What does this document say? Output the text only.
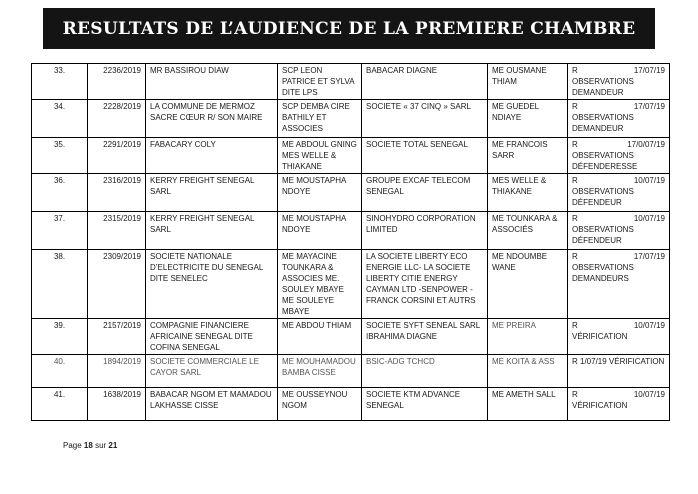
RESULTATS DE L’AUDIENCE DE LA PREMIERE CHAMBRE
33.	2236/2019	MR BASSIROU DIAW	SCP LEON PATRICE ET SYLVA DITE LPS	BABACAR DIAGNE	ME OUSMANE THIAM	R 17/07/19
OBSERVATIONS DEMANDEUR

34.	2228/2019	LA COMMUNE DE MERMOZ SACRE CŒUR R/ SON MAIRE	SCP DEMBA CIRE BATHILY ET ASSOCIES	SOCIETE « 37 CINQ » SARL	ME GUEDEL NDIAYE	R 17/07/19
OBSERVATIONS DEMANDEUR

35.	2291/2019	FABACARY COLY	ME ABDOUL GNING MES WELLE & THIAKANE	SOCIETE TOTAL SENEGAL	ME FRANCOIS SARR	R 17/0/07/19
OBSERVATIONS DÉFENDERESSE

36.	2316/2019	KERRY FREIGHT SENEGAL SARL	ME MOUSTAPHA NDOYE	GROUPE EXCAF TELECOM SENEGAL	MES WELLE & THIAKANE	R 10/07/19
OBSERVATIONS DÉFENDEUR

37.	2315/2019	KERRY FREIGHT SENEGAL SARL	ME MOUSTAPHA NDOYE	SINOHYDRO CORPORATION LIMITED	ME TOUNKARA & ASSOCIÉS	R 10/07/19
OBSERVATIONS DÉFENDEUR

38.	2309/2019	SOCIETE NATIONALE D’ELECTRICITE DU SENEGAL DITE SENELEC	ME MAYACINE TOUNKARA & ASSOCIES ME. SOULEY MBAYE ME SOULEYE MBAYE	LA SOCIETE LIBERTY ECO ENERGIE LLC- LA SOCIETE LIBERTY CITIE ENERGY CAYMAN LTD -SENPOWER -FRANCK CORSINI ET AUTRS	ME NDOUMBE WANE	R 17/07/19
OBSERVATIONS DEMANDEURS

39.	2157/2019	COMPAGNIE FINANCIERE AFRICAINE SENEGAL DITE COFINA SENEGAL	ME ABDOU THIAM	SOCIETE SYFT SENEAL SARL IBRAHIMA DIAGNE	ME PREIRA	R 10/07/19
VÉRIFICATION

40.	1894/2019	SOCIETE COMMERCIALE LE CAYOR SARL	ME MOUHAMADOU BAMBA CISSE	BSIC-ADG TCHCD	ME KOITA & ASS	R 1/07/19 VÉRIFICATION

41.	1638/2019	BABACAR NGOM ET MAMADOU LAKHASSE CISSE	ME OUSSEYNOU NGOM	SOCIETE KTM ADVANCE SENEGAL	ME AMETH SALL	R 10/07/19
VÉRIFICATION
Page 18 sur 21
